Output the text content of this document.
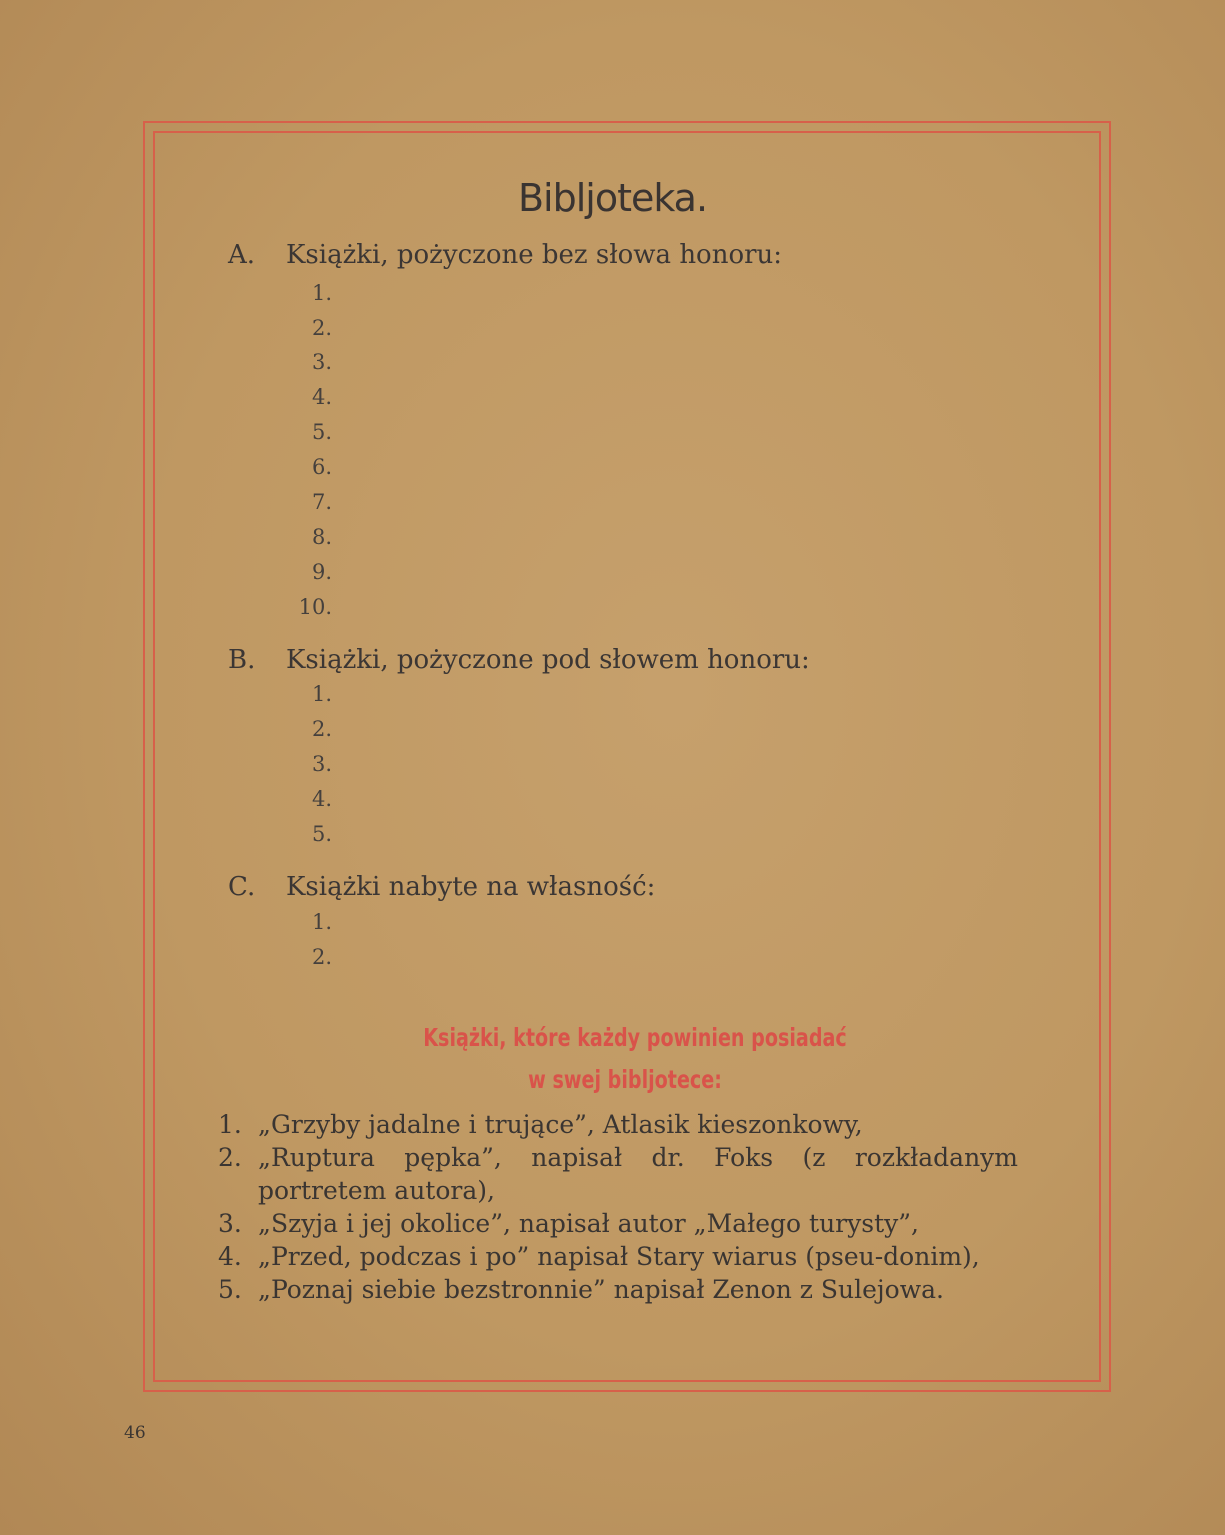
Bibljoteka.
A. Książki, pożyczone bez słowa honoru:
1.
2.
3.
4.
5.
6.
7.
8.
9.
10.
B. Książki, pożyczone pod słowem honoru:
1.
2.
3.
4.
5.
C. Książki nabyte na własność:
1.
2.
Książki, które każdy powinien posiadać
w swej bibljotece:
1. „Grzyby jadalne i trujące”, Atlasik kieszonkowy,
2. „Ruptura pępka”, napisał dr. Foks (z rozkładanym portretem autora),
3. „Szyja i jej okolice”, napisał autor „Małego turysty”,
4. „Przed, podczas i po” napisał Stary wiarus (pseu-donim),
5. „Poznaj siebie bezstronnie” napisał Zenon z Sulejowa.
46
